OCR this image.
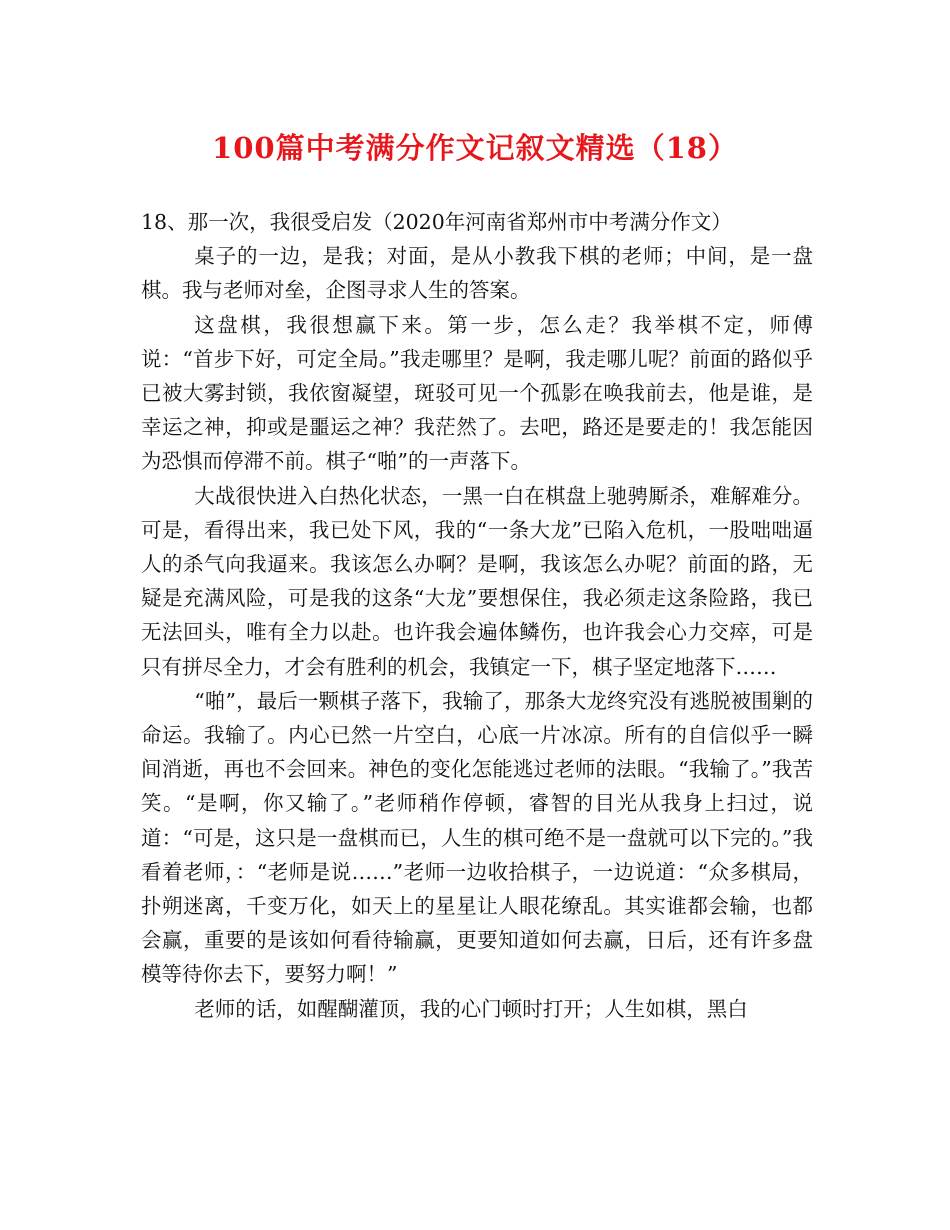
100篇中考满分作文记叙文精选（18）

18、那一次，我很受启发（2020年河南省郑州市中考满分作文）

桌子的一边，是我；对面，是从小教我下棋的老师；中间，是一盘棋。我与老师对垒，企图寻求人生的答案。

这盘棋，我很想赢下来。第一步，怎么走？我举棋不定，师傅说：“首步下好，可定全局。”我走哪里？是啊，我走哪儿呢？前面的路似乎已被大雾封锁，我依窗凝望，斑驳可见一个孤影在唤我前去，他是谁，是幸运之神，抑或是噩运之神？我茫然了。去吧，路还是要走的！我怎能因为恐惧而停滞不前。棋子“啪”的一声落下。

大战很快进入白热化状态，一黑一白在棋盘上驰骋厮杀，难解难分。可是，看得出来，我已处下风，我的“一条大龙”已陷入危机，一股咄咄逼人的杀气向我逼来。我该怎么办啊？是啊，我该怎么办呢？前面的路，无疑是充满风险，可是我的这条“大龙”要想保住，我必须走这条险路，我已无法回头，唯有全力以赴。也许我会遍体鳞伤，也许我会心力交瘁，可是只有拼尽全力，才会有胜利的机会，我镇定一下，棋子坚定地落下……

“啪”，最后一颗棋子落下，我输了，那条大龙终究没有逃脱被围剿的命运。我输了。内心已然一片空白，心底一片冰凉。所有的自信似乎一瞬间消逝，再也不会回来。神色的变化怎能逃过老师的法眼。“我输了。”我苦笑。“是啊，你又输了。”老师稍作停顿，睿智的目光从我身上扫过，说道：“可是，这只是一盘棋而已，人生的棋可绝不是一盘就可以下完的。”我看着老师，：“老师是说……”老师一边收拾棋子，一边说道：“众多棋局，扑朔迷离，千变万化，如天上的星星让人眼花缭乱。其实谁都会输，也都会赢，重要的是该如何看待输赢，更要知道如何去赢，日后，还有许多盘模等待你去下，要努力啊！”

老师的话，如醒醐灌顶，我的心门顿时打开；人生如棋，黑白
